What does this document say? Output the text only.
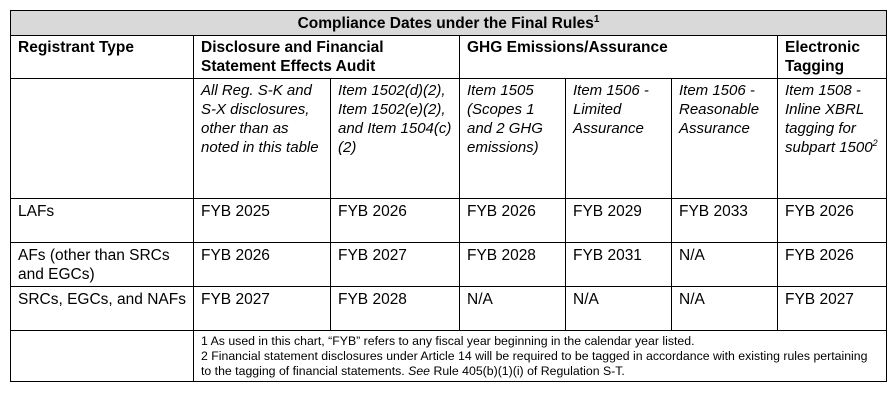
Compliance Dates under the Final Rules$^1$
Registrant Type	Disclosure and Financial Statement Effects Audit		GHG Emissions/Assurance			Electronic Tagging
	All Reg. S-K and S-X disclosures, other than as noted in this table	Item 1502(d)(2), Item 1502(e)(2), and Item 1504(c)(2)	Item 1505 (Scopes 1 and 2 GHG emissions)	Item 1506 - Limited Assurance	Item 1506 - Reasonable Assurance	Item 1508 - Inline XBRL tagging for subpart 1500$^2$
LAFs	FYB 2025	FYB 2026	FYB 2026	FYB 2029	FYB 2033	FYB 2026
AFs (other than SRCs and EGCs)	FYB 2026	FYB 2027	FYB 2028	FYB 2031	N/A	FYB 2026
SRCs, EGCs, and NAFs	FYB 2027	FYB 2028	N/A	N/A	N/A	FYB 2027

	1 As used in this chart, “FYB” refers to any fiscal year beginning in the calendar year listed.
2 Financial statement disclosures under Article 14 will be required to be tagged in accordance with existing rules pertaining to the tagging of financial statements. See Rule 405(b)(1)(i) of Regulation S-T.					
